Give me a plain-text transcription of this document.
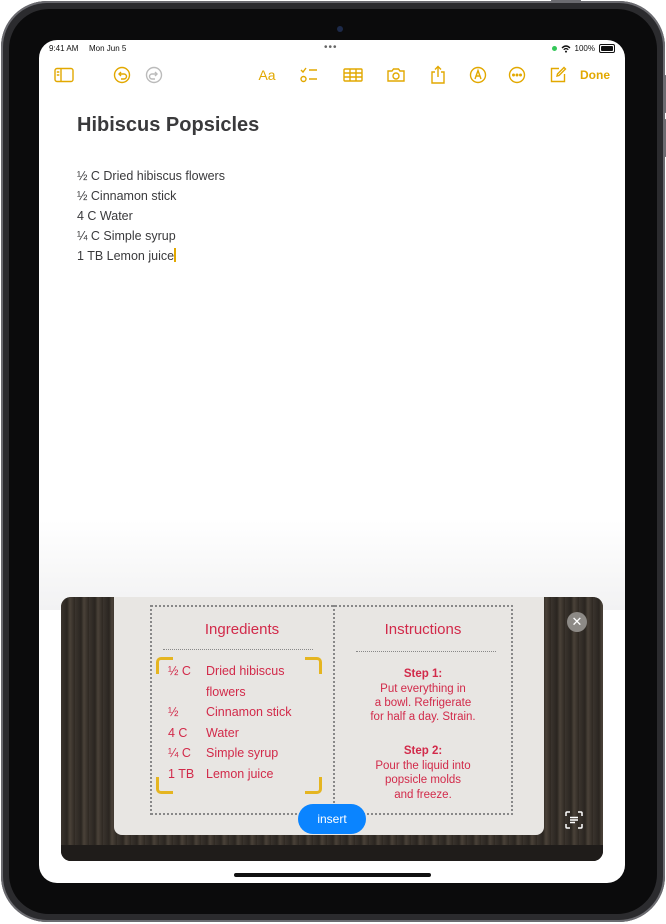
9:41 AM Mon Jun 5	•••	100%
Aa	Done
Hibiscus Popsicles
½ C Dried hibiscus flowers
½ Cinnamon stick
4 C Water
¼ C Simple syrup
1 TB Lemon juice
Ingredients
½ C Dried hibiscus
flowers
½ Cinnamon stick
4 C Water
¼ C Simple syrup
1 TB Lemon juice
Instructions
Step 1:
Put everything in
a bowl. Refrigerate
for half a day. Strain.
Step 2:
Pour the liquid into
popsicle molds
and freeze.
✕
insert
